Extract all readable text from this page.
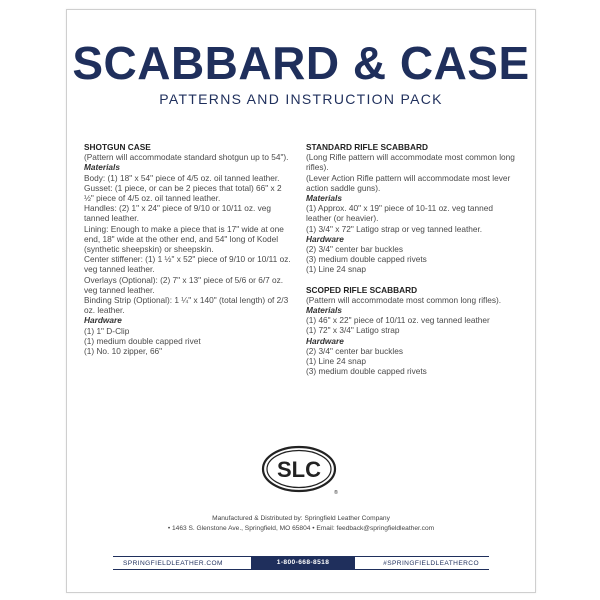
SCABBARD & CASE
PATTERNS AND INSTRUCTION PACK

SHOTGUN CASE

(Pattern will accommodate standard shotgun up to 54").

Materials

Body: (1) 18" x 54" piece of 4/5 oz. oil tanned leather.

Gusset: (1 piece, or can be 2 pieces that total) 66" x 2 ½" piece of 4/5 oz. oil tanned leather.

Handles: (2) 1" x 24" piece of 9/10 or 10/11 oz. veg tanned leather.

Lining: Enough to make a piece that is 17" wide at one end, 18" wide at the other end, and 54" long of Kodel (synthetic sheepskin) or sheepskin.

Center stiffener: (1) 1 ½" x 52" piece of 9/10 or 10/11 oz. veg tanned leather.

Overlays (Optional): (2) 7" x 13" piece of 5/6 or 6/7 oz. veg tanned leather.

Binding Strip (Optional): 1 ¼" x 140" (total length) of 2/3 oz. leather.

Hardware

(1) 1" D-Clip

(1) medium double capped rivet

(1) No. 10 zipper, 66"

STANDARD RIFLE SCABBARD

(Long Rifle pattern will accommodate most common long rifles).

(Lever Action Rifle pattern will accommodate most lever action saddle guns).

Materials

(1) Approx. 40" x 19" piece of 10-11 oz. veg tanned leather (or heavier).

(1) 3/4" x 72" Latigo strap or veg tanned leather.

Hardware

(2) 3/4" center bar buckles

(3) medium double capped rivets

(1) Line 24 snap

SCOPED RIFLE SCABBARD

(Pattern will accommodate most common long rifles).

Materials

(1) 46" x 22" piece of 10/11 oz. veg tanned leather

(1) 72" x 3/4" Latigo strap

Hardware

(2) 3/4" center bar buckles

(1) Line 24 snap

(3) medium double capped rivets

SLC
®
Manufactured & Distributed by: Springfield Leather Company
• 1463 S. Glenstone Ave., Springfield, MO 65804 • Email: feedback@springfieldleather.com
SPRINGFIELDLEATHER.COM	1-800-668-8518	#SPRINGFIELDLEATHERCO
